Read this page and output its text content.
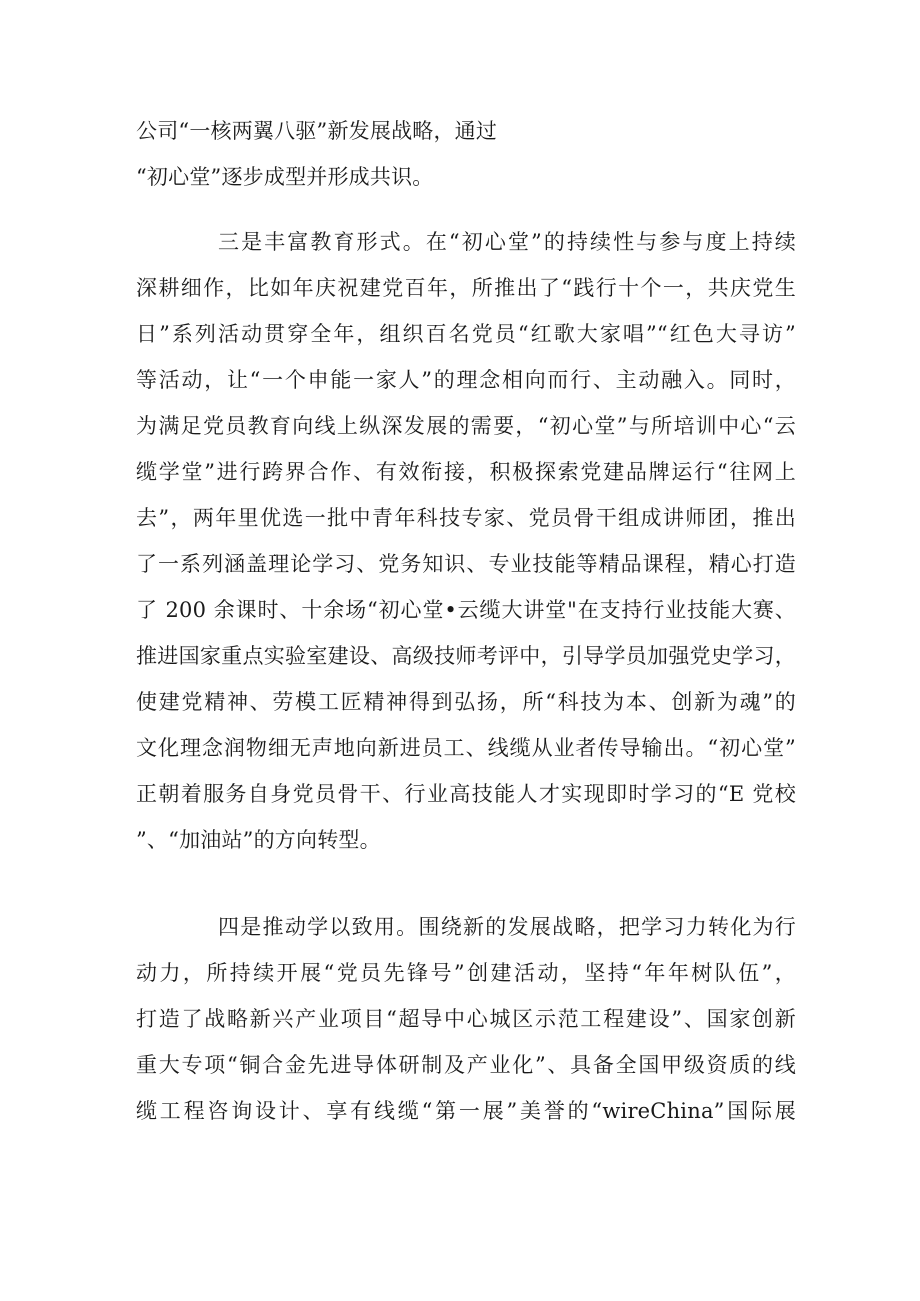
公司“一核两翼八驱”新发展战略，通过
“初心堂”逐步成型并形成共识。
三是丰富教育形式。在“初心堂”的持续性与参与度上持续
深耕细作，比如年庆祝建党百年，所推出了“践行十个一，共庆党生
日”系列活动贯穿全年，组织百名党员“红歌大家唱”“红色大寻访”
等活动，让“一个申能一家人”的理念相向而行、主动融入。同时，
为满足党员教育向线上纵深发展的需要，“初心堂”与所培训中心“云
缆学堂”进行跨界合作、有效衔接，积极探索党建品牌运行“往网上
去”，两年里优选一批中青年科技专家、党员骨干组成讲师团，推出
了一系列涵盖理论学习、党务知识、专业技能等精品课程，精心打造
了 200 余课时、十余场“初心堂•云缆大讲堂"在支持行业技能大赛、
推进国家重点实验室建设、高级技师考评中，引导学员加强党史学习，
使建党精神、劳模工匠精神得到弘扬，所“科技为本、创新为魂”的
文化理念润物细无声地向新进员工、线缆从业者传导输出。“初心堂”
正朝着服务自身党员骨干、行业高技能人才实现即时学习的“E 党校
”、“加油站”的方向转型。
四是推动学以致用。围绕新的发展战略，把学习力转化为行
动力，所持续开展“党员先锋号”创建活动，坚持“年年树队伍”，
打造了战略新兴产业项目“超导中心城区示范工程建设”、国家创新
重大专项“铜合金先进导体研制及产业化”、具备全国甲级资质的线
缆工程咨询设计、享有线缆“第一展”美誉的“wireChina”国际展
